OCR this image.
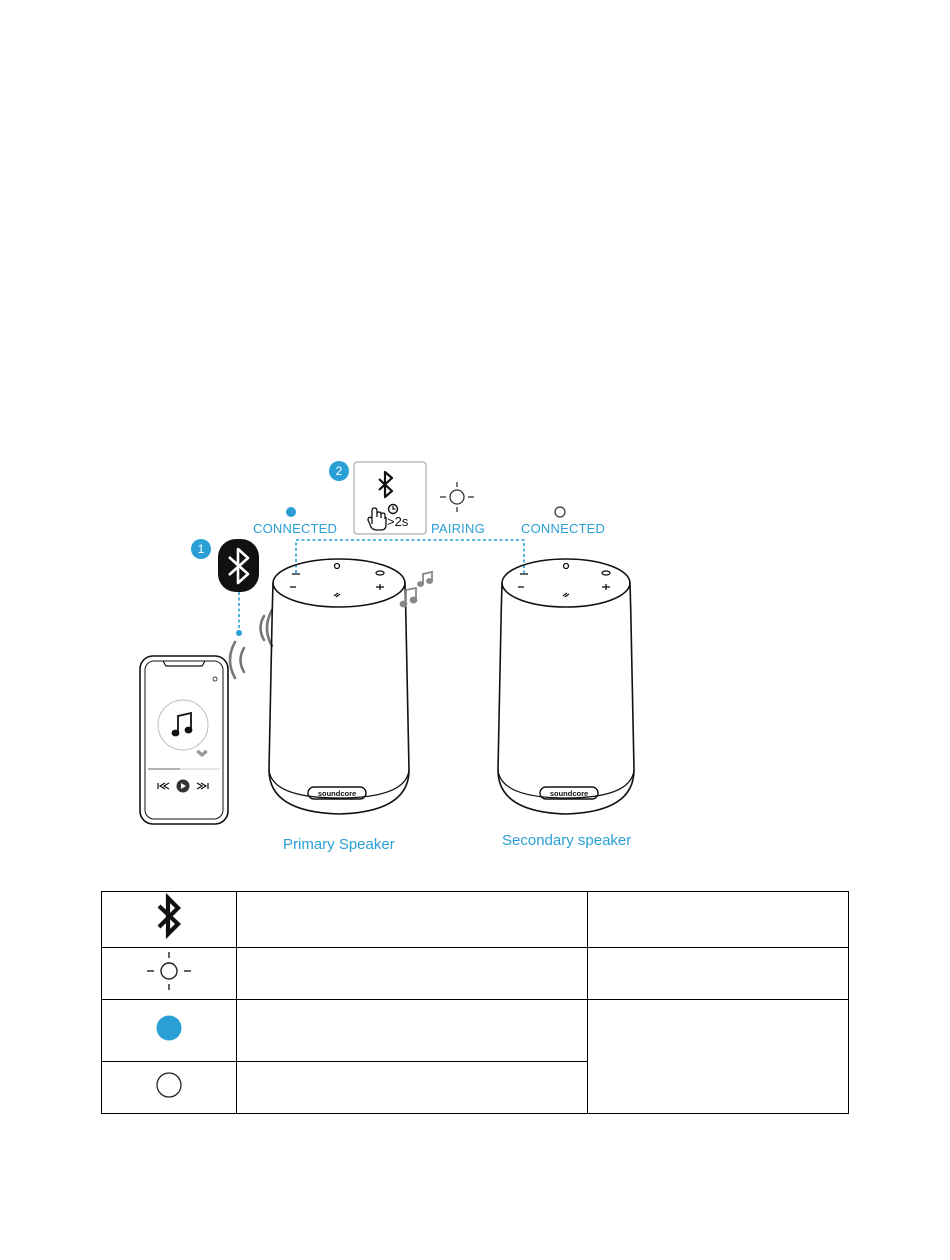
soundcore	soundcore
1
2
>2s
CONNECTED	PAIRING	CONNECTED
Primary Speaker	Secondary speaker
